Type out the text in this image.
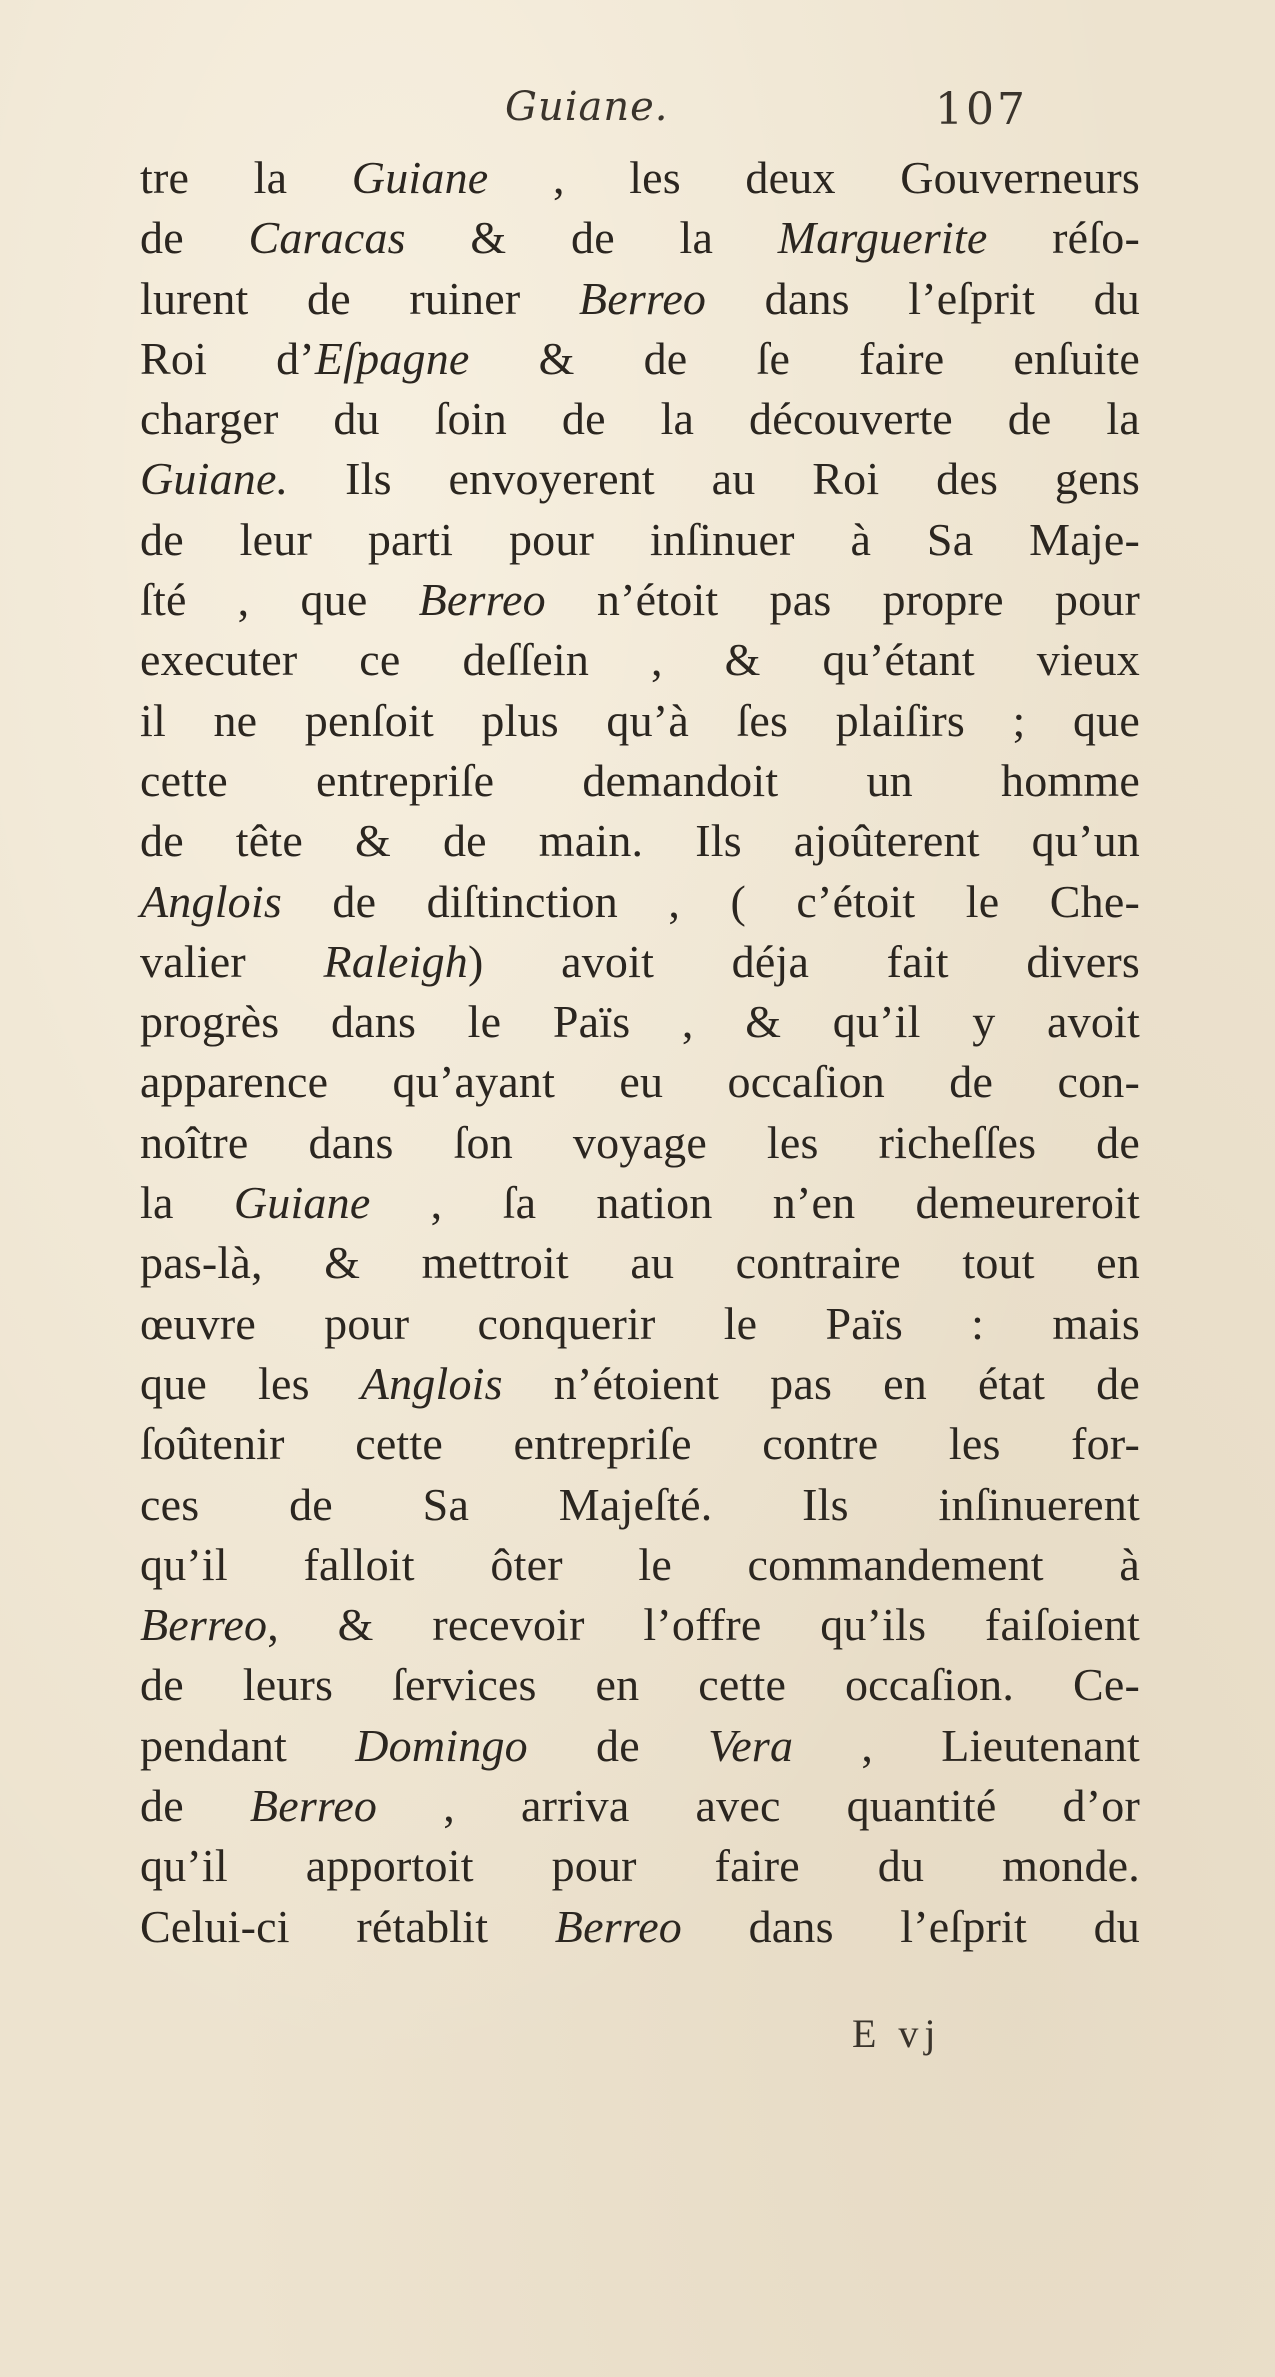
Guiane.	107
tre la Guiane , les deux Gouverneurs
de Caracas & de la Marguerite réſo-
lurent de ruiner Berreo dans l’eſprit du
Roi d’Eſpagne & de ſe faire enſuite
charger du ſoin de la découverte de la
Guiane. Ils envoyerent au Roi des gens
de leur parti pour inſinuer à Sa Maje-
ſté , que Berreo n’étoit pas propre pour
executer ce deſſein , & qu’étant vieux
il ne penſoit plus qu’à ſes plaiſirs ; que
cette entrepriſe demandoit un homme
de tête & de main. Ils ajoûterent qu’un
Anglois de diſtinction , ( c’étoit le Che-
valier Raleigh) avoit déja fait divers
progrès dans le Païs , & qu’il y avoit
apparence qu’ayant eu occaſion de con-
noître dans ſon voyage les richeſſes de
la Guiane , ſa nation n’en demeureroit
pas-là, & mettroit au contraire tout en
œuvre pour conquerir le Païs : mais
que les Anglois n’étoient pas en état de
ſoûtenir cette entrepriſe contre les for-
ces de Sa Majeſté. Ils inſinuerent
qu’il falloit ôter le commandement à
Berreo, & recevoir l’offre qu’ils faiſoient
de leurs ſervices en cette occaſion. Ce-
pendant Domingo de Vera , Lieutenant
de Berreo , arriva avec quantité d’or
qu’il apportoit pour faire du monde.
Celui-ci rétablit Berreo dans l’eſprit du
E vj
